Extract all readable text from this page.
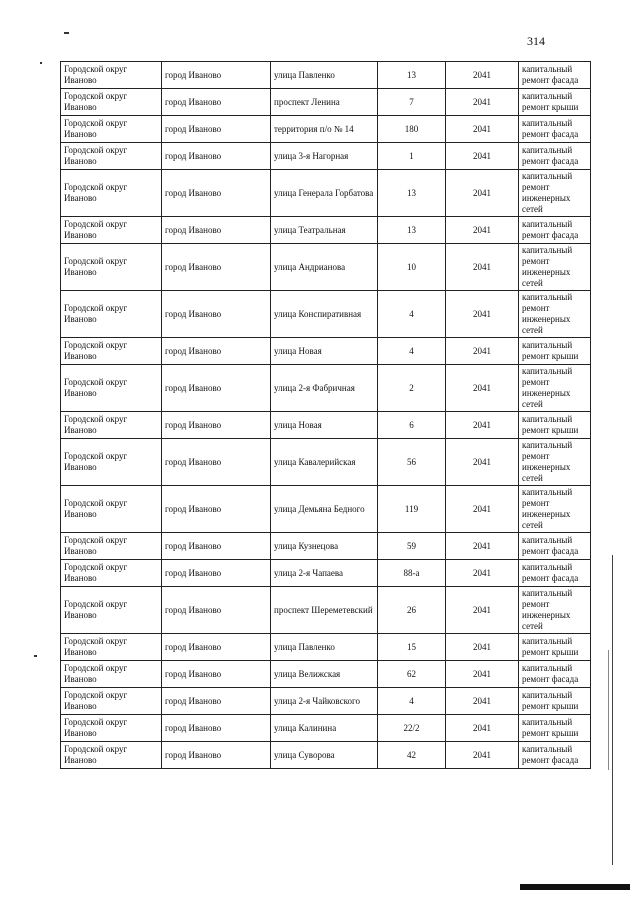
314
Городской округ Иваново	город Иваново	улица Павленко	13	2041	капитальный ремонт фасада
Городской округ Иваново	город Иваново	проспект Ленина	7	2041	капитальный ремонт крыши
Городской округ Иваново	город Иваново	территория п/о № 14	180	2041	капитальный ремонт фасада
Городской округ Иваново	город Иваново	улица 3-я Нагорная	1	2041	капитальный ремонт фасада
Городской округ Иваново	город Иваново	улица Генерала Горбатова	13	2041	капитальный ремонт инженерных сетей
Городской округ Иваново	город Иваново	улица Театральная	13	2041	капитальный ремонт фасада
Городской округ Иваново	город Иваново	улица Андрианова	10	2041	капитальный ремонт инженерных сетей
Городской округ Иваново	город Иваново	улица Конспиративная	4	2041	капитальный ремонт инженерных сетей
Городской округ Иваново	город Иваново	улица Новая	4	2041	капитальный ремонт крыши
Городской округ Иваново	город Иваново	улица 2-я Фабричная	2	2041	капитальный ремонт инженерных сетей
Городской округ Иваново	город Иваново	улица Новая	6	2041	капитальный ремонт крыши
Городской округ Иваново	город Иваново	улица Кавалерийская	56	2041	капитальный ремонт инженерных сетей
Городской округ Иваново	город Иваново	улица Демьяна Бедного	119	2041	капитальный ремонт инженерных сетей
Городской округ Иваново	город Иваново	улица Кузнецова	59	2041	капитальный ремонт фасада
Городской округ Иваново	город Иваново	улица 2-я Чапаева	88-а	2041	капитальный ремонт фасада
Городской округ Иваново	город Иваново	проспект Шереметевский	26	2041	капитальный ремонт инженерных сетей
Городской округ Иваново	город Иваново	улица Павленко	15	2041	капитальный ремонт крыши
Городской округ Иваново	город Иваново	улица Велижская	62	2041	капитальный ремонт фасада
Городской округ Иваново	город Иваново	улица 2-я Чайковского	4	2041	капитальный ремонт крыши
Городской округ Иваново	город Иваново	улица Калинина	22/2	2041	капитальный ремонт крыши
Городской округ Иваново	город Иваново	улица Суворова	42	2041	капитальный ремонт фасада
